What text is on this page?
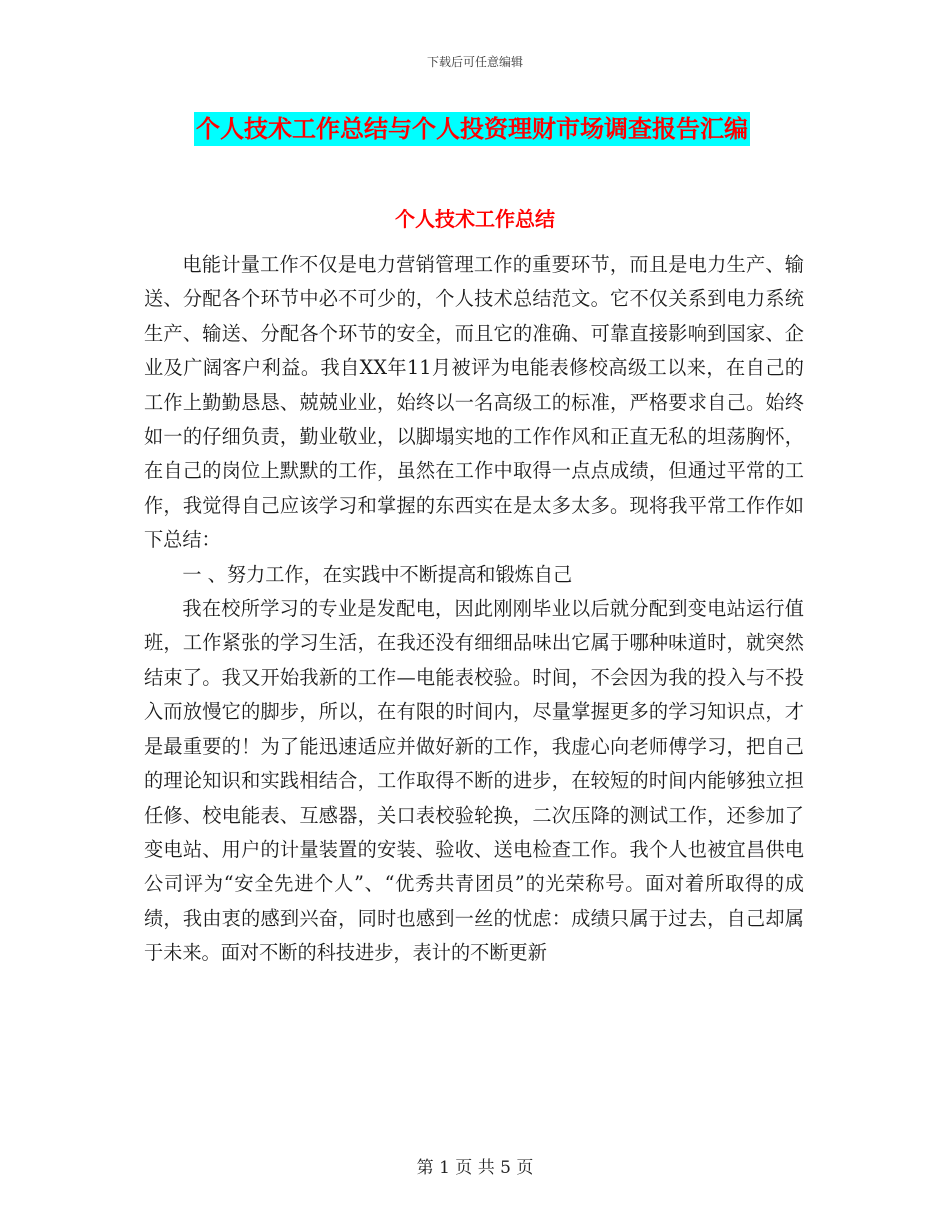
下载后可任意编辑
个人技术工作总结与个人投资理财市场调查报告汇编
个人技术工作总结

电能计量工作不仅是电力营销管理工作的重要环节，而且是电力生产、输送、分配各个环节中必不可少的，个人技术总结范文。它不仅关系到电力系统生产、输送、分配各个环节的安全，而且它的准确、可靠直接影响到国家、企业及广阔客户利益。我自XX年11月被评为电能表修校高级工以来，在自己的工作上勤勤恳恳、兢兢业业，始终以一名高级工的标准，严格要求自己。始终如一的仔细负责，勤业敬业，以脚塌实地的工作作风和正直无私的坦荡胸怀，在自己的岗位上默默的工作，虽然在工作中取得一点点成绩，但通过平常的工作，我觉得自己应该学习和掌握的东西实在是太多太多。现将我平常工作作如下总结：

一 、努力工作，在实践中不断提高和锻炼自己

我在校所学习的专业是发配电，因此刚刚毕业以后就分配到变电站运行值班，工作紧张的学习生活，在我还没有细细品味出它属于哪种味道时，就突然结束了。我又开始我新的工作—电能表校验。时间，不会因为我的投入与不投入而放慢它的脚步，所以，在有限的时间内，尽量掌握更多的学习知识点，才是最重要的！为了能迅速适应并做好新的工作，我虚心向老师傅学习，把自己的理论知识和实践相结合，工作取得不断的进步，在较短的时间内能够独立担任修、校电能表、互感器，关口表校验轮换，二次压降的测试工作，还参加了变电站、用户的计量装置的安装、验收、送电检查工作。我个人也被宜昌供电公司评为“安全先进个人”、“优秀共青团员”的光荣称号。面对着所取得的成绩，我由衷的感到兴奋，同时也感到一丝的忧虑：成绩只属于过去，自己却属于未来。面对不断的科技进步，表计的不断更新

第 1 页 共 5 页
